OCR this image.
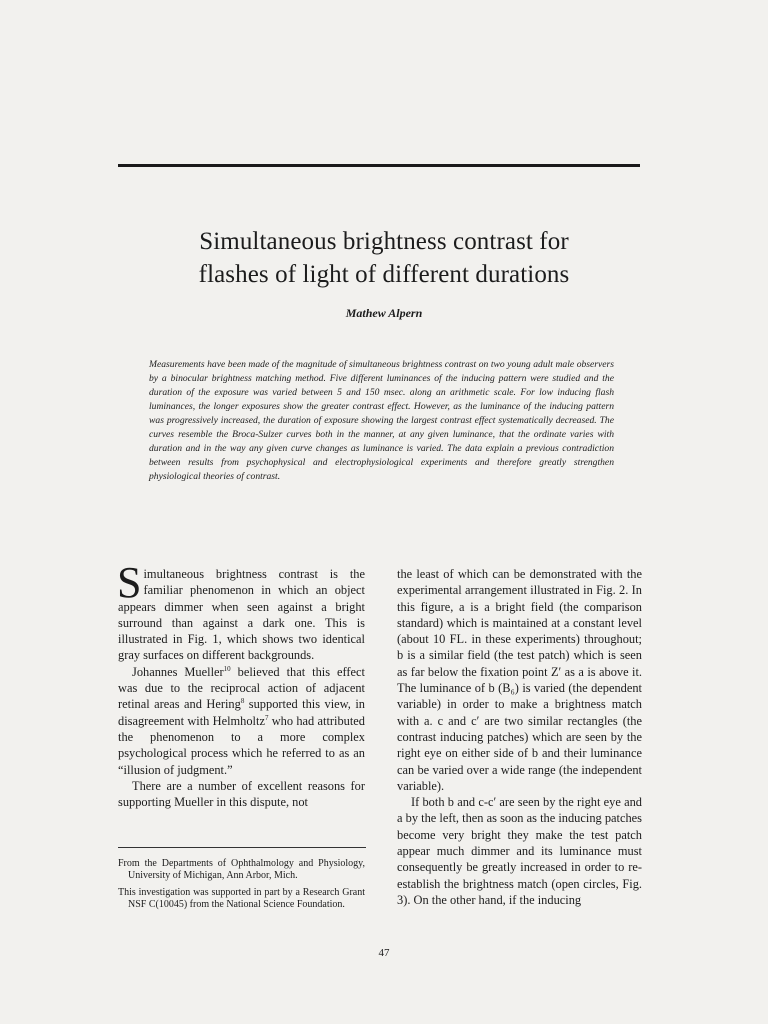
Simultaneous brightness contrast for
flashes of light of different durations
Mathew Alpern

Measurements have been made of the magnitude of simultaneous brightness contrast on two young adult male observers by a binocular brightness matching method. Five different luminances of the inducing pattern were studied and the duration of the exposure was varied between 5 and 150 msec. along an arithmetic scale. For low inducing flash luminances, the longer exposures show the greater contrast effect. However, as the luminance of the inducing pattern was progressively increased, the duration of exposure showing the largest contrast effect systematically decreased. The curves resemble the Broca-Sulzer curves both in the manner, at any given luminance, that the ordinate varies with duration and in the way any given curve changes as luminance is varied. The data explain a previous contradiction between results from psychophysical and electrophysiological experiments and therefore greatly strengthen physiological theories of contrast.

Simultaneous brightness contrast is the familiar phenomenon in which an object appears dimmer when seen against a bright surround than against a dark one. This is illustrated in Fig. 1, which shows two identical gray surfaces on different backgrounds.

Johannes Mueller$^{10}$ believed that this effect was due to the reciprocal action of adjacent retinal areas and Hering$^8$ supported this view, in disagreement with Helmholtz$^7$ who had attributed the phenomenon to a more complex psychological process which he referred to as an “illusion of judgment.”

There are a number of excellent reasons for supporting Mueller in this dispute, not

the least of which can be demonstrated with the experimental arrangement illustrated in Fig. 2. In this figure, a is a bright field (the comparison standard) which is maintained at a constant level (about 10 FL. in these experiments) throughout; b is a similar field (the test patch) which is seen as far below the fixation point Z′ as a is above it. The luminance of b (B₆) is varied (the dependent variable) in order to make a brightness match with a. c and c′ are two similar rectangles (the contrast inducing patches) which are seen by the right eye on either side of b and their luminance can be varied over a wide range (the independent variable).

If both b and c-c′ are seen by the right eye and a by the left, then as soon as the inducing patches become very bright they make the test patch appear much dimmer and its luminance must consequently be greatly increased in order to re-establish the brightness match (open circles, Fig. 3). On the other hand, if the inducing

From the Departments of Ophthalmology and Physiology, University of Michigan, Ann Arbor, Mich.

This investigation was supported in part by a Research Grant NSF C(10045) from the National Science Foundation.

47
